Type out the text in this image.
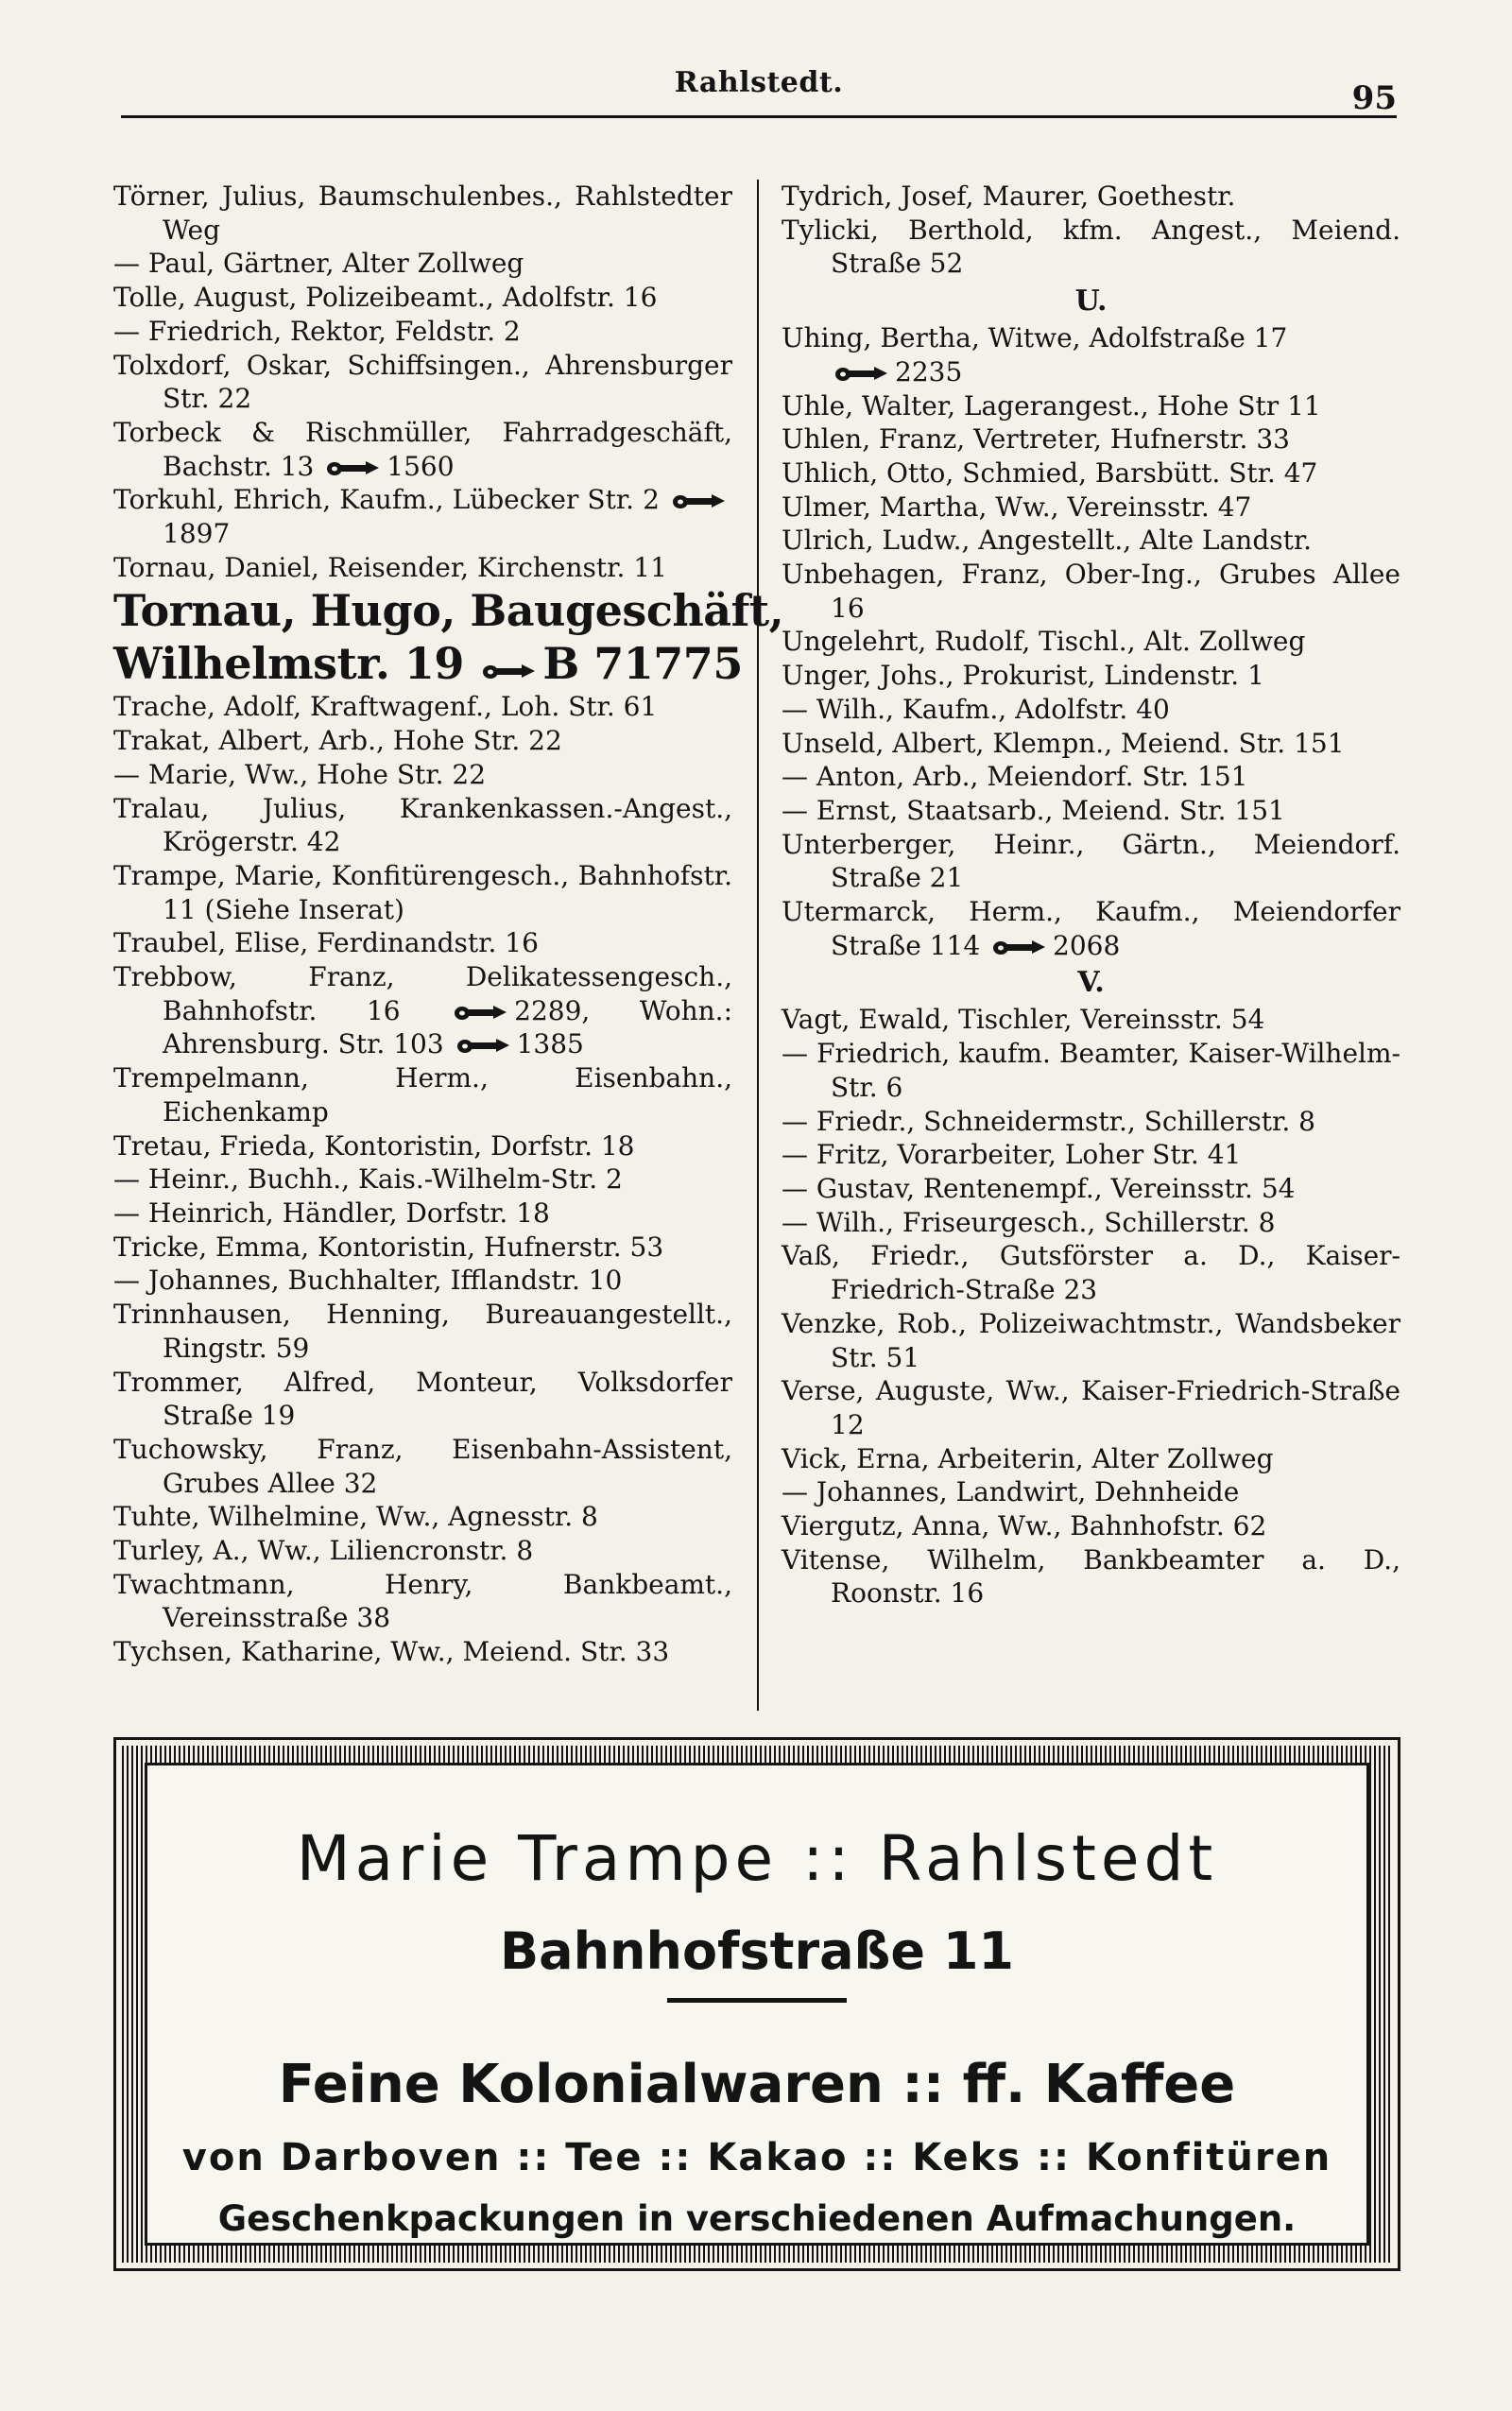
Rahlstedt.	95
Törner, Julius, Baumschulenbes., Rahlstedter Weg
— Paul, Gärtner, Alter Zollweg
Tolle, August, Polizeibeamt., Adolfstr. 16
— Friedrich, Rektor, Feldstr. 2
Tolxdorf, Oskar, Schiffsingen., Ahrensburger Str. 22
Torbeck & Rischmüller, Fahrradgeschäft, Bachstr. 13	1560
Torkuhl, Ehrich, Kaufm., Lübecker Str. 2
1897
Tornau, Daniel, Reisender, Kirchenstr. 11
Tornau, Hugo, Baugeschäft,
Wilhelmstr. 19 B 71775
Trache, Adolf, Kraftwagenf., Loh. Str. 61
Trakat, Albert, Arb., Hohe Str. 22
— Marie, Ww., Hohe Str. 22
Tralau, Julius, Krankenkassen.-Angest., Krögerstr. 42
Trampe, Marie, Konfitürengesch., Bahnhofstr. 11 (Siehe Inserat)
Traubel, Elise, Ferdinandstr. 16
Trebbow, Franz, Delikatessengesch., Bahnhofstr. 16	2289, Wohn.: Ahrensburg. Str. 103	1385
Trempelmann, Herm., Eisenbahn., Eichenkamp
Tretau, Frieda, Kontoristin, Dorfstr. 18
— Heinr., Buchh., Kais.-Wilhelm-Str. 2
— Heinrich, Händler, Dorfstr. 18
Tricke, Emma, Kontoristin, Hufnerstr. 53
— Johannes, Buchhalter, Ifflandstr. 10
Trinnhausen, Henning, Bureauangestellt., Ringstr. 59
Trommer, Alfred, Monteur, Volksdorfer Straße 19
Tuchowsky, Franz, Eisenbahn-Assistent, Grubes Allee 32
Tuhte, Wilhelmine, Ww., Agnesstr. 8
Turley, A., Ww., Liliencronstr. 8
Twachtmann, Henry, Bankbeamt., Vereinsstraße 38
Tychsen, Katharine, Ww., Meiend. Str. 33
Tydrich, Josef, Maurer, Goethestr.
Tylicki, Berthold, kfm. Angest., Meiend. Straße 52
U.
Uhing, Bertha, Witwe, Adolfstraße 17

2235
Uhle, Walter, Lagerangest., Hohe Str 11
Uhlen, Franz, Vertreter, Hufnerstr. 33
Uhlich, Otto, Schmied, Barsbütt. Str. 47
Ulmer, Martha, Ww., Vereinsstr. 47
Ulrich, Ludw., Angestellt., Alte Landstr.
Unbehagen, Franz, Ober-Ing., Grubes Allee 16
Ungelehrt, Rudolf, Tischl., Alt. Zollweg
Unger, Johs., Prokurist, Lindenstr. 1
— Wilh., Kaufm., Adolfstr. 40
Unseld, Albert, Klempn., Meiend. Str. 151
— Anton, Arb., Meiendorf. Str. 151
— Ernst, Staatsarb., Meiend. Str. 151
Unterberger, Heinr., Gärtn., Meiendorf. Straße 21
Utermarck, Herm., Kaufm., Meiendorfer Straße 114	2068
V.
Vagt, Ewald, Tischler, Vereinsstr. 54
— Friedrich, kaufm. Beamter, Kaiser-Wilhelm-Str. 6
— Friedr., Schneidermstr., Schillerstr. 8
— Fritz, Vorarbeiter, Loher Str. 41
— Gustav, Rentenempf., Vereinsstr. 54
— Wilh., Friseurgesch., Schillerstr. 8
Vaß, Friedr., Gutsförster a. D., Kaiser-Friedrich-Straße 23
Venzke, Rob., Polizeiwachtmstr., Wandsbeker Str. 51
Verse, Auguste, Ww., Kaiser-Friedrich-Straße 12
Vick, Erna, Arbeiterin, Alter Zollweg
— Johannes, Landwirt, Dehnheide
Viergutz, Anna, Ww., Bahnhofstr. 62
Vitense, Wilhelm, Bankbeamter a. D., Roonstr. 16
Marie Trampe :: Rahlstedt
Bahnhofstraße 11
Feine Kolonialwaren :: ff. Kaffee
von Darboven :: Tee :: Kakao :: Keks :: Konfitüren
Geschenkpackungen in verschiedenen Aufmachungen.
